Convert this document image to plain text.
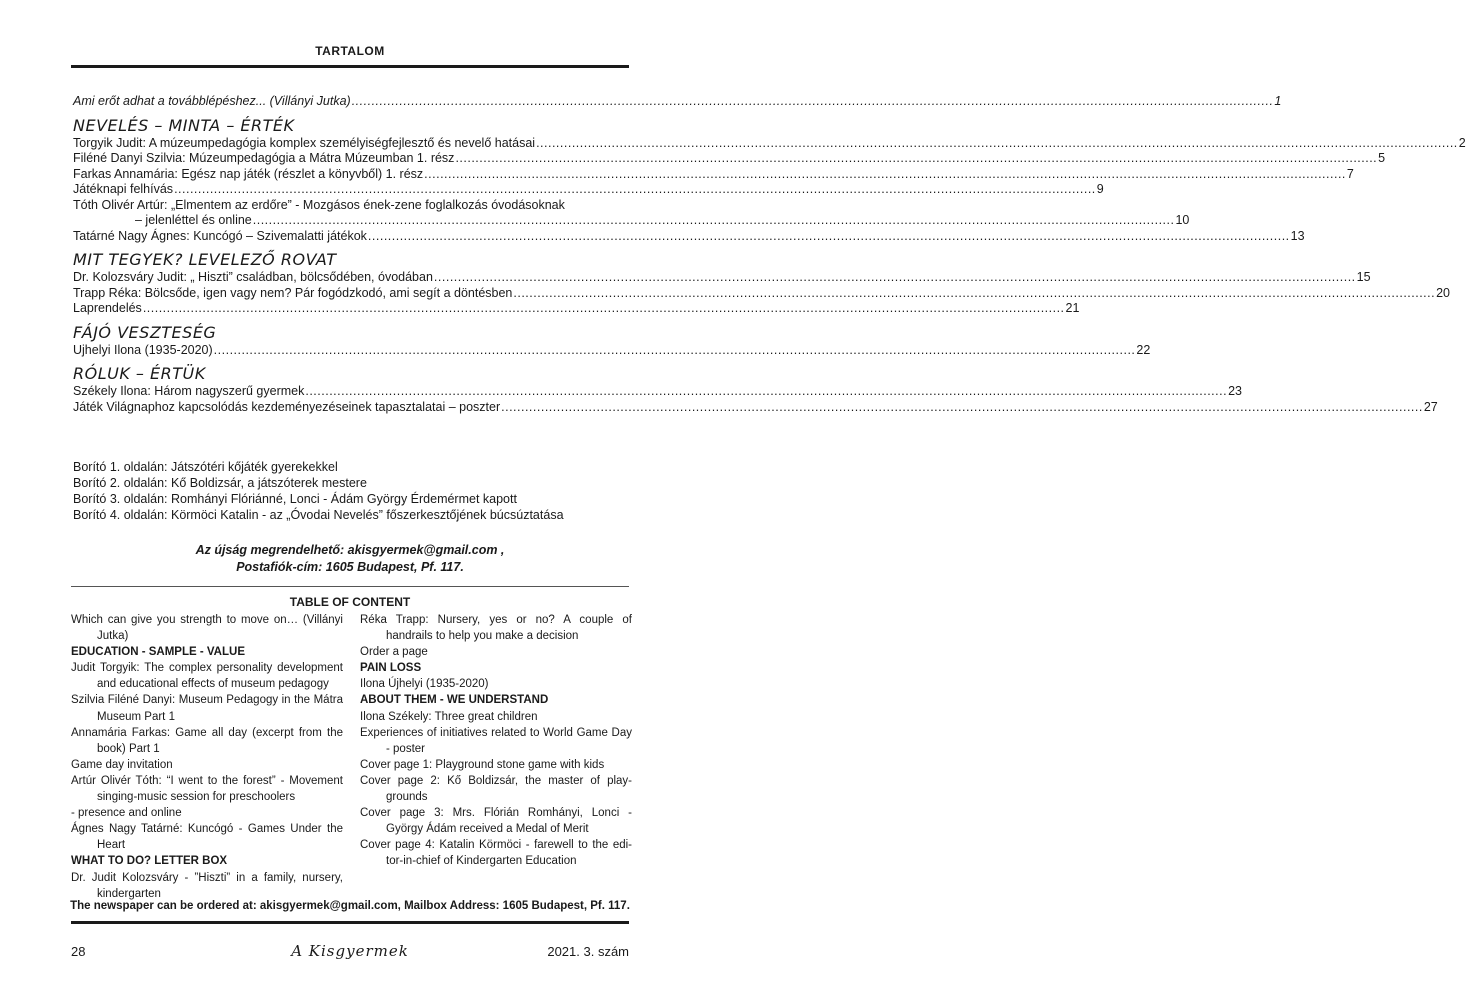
TARTALOM
Ami erőt adhat a továbblépéshez... (Villányi Jutka) .....	1
NEVELÉS – MINTA – ÉRTÉK
Torgyik Judit: A múzeumpedagógia komplex személyiségfejlesztő és nevelő hatásai .....	2
Filéné Danyi Szilvia: Múzeumpedagógia a Mátra Múzeumban 1. rész .....	5
Farkas Annamária: Egész nap játék (részlet a könyvből) 1. rész .....	7
Játéknapi felhívás .....	9
Tóth Olivér Artúr: „Elmentem az erdőre” - Mozgásos ének-zene foglalkozás óvodásoknak
– jelenléttel és online .....	10
Tatárné Nagy Ágnes: Kuncógó – Szivemalatti játékok .....	13
MIT TEGYEK? LEVELEZŐ ROVAT
Dr. Kolozsváry Judit: „ Hiszti” családban, bölcsődében, óvodában .....	15
Trapp Réka: Bölcsőde, igen vagy nem? Pár fogódzkodó, ami segít a döntésben .....	20
Laprendelés .....	21
FÁJÓ VESZTESÉG
Ujhelyi Ilona (1935-2020) .....	22
RÓLUK – ÉRTÜK
Székely Ilona: Három nagyszerű gyermek .....	23
Játék Világnaphoz kapcsolódás kezdeményezéseinek tapasztalatai – poszter .....	27
Borító 1. oldalán: Játszótéri kőjáték gyerekekkel
Borító 2. oldalán: Kő Boldizsár, a játszóterek mestere
Borító 3. oldalán: Romhányi Flóriánné, Lonci - Ádám György Érdemérmet kapott
Borító 4. oldalán: Körmöci Katalin - az „Óvodai Nevelés” főszerkesztőjének búcsúztatása
Az újság megrendelhető: akisgyermek@gmail.com ,
Postafiók-cím: 1605 Budapest, Pf. 117.
TABLE OF CONTENT
Which can give you strength to move on… (Villányi Jutka)
EDUCATION - SAMPLE - VALUE
Judit Torgyik: The complex personality development and educational effects of museum pedagogy
Szilvia Filéné Danyi: Museum Pedagogy in the Mátra Museum Part 1
Annamária Farkas: Game all day (excerpt from the book) Part 1
Game day invitation
Artúr Olivér Tóth: “I went to the forest” - Movement singing-music session for preschoolers
- presence and online
Ágnes Nagy Tatárné: Kuncógó - Games Under the Heart
WHAT TO DO? LETTER BOX
Dr. Judit Kolozsváry - ”Hiszti” in a family, nursery, kindergarten
Réka Trapp: Nursery, yes or no? A couple of handrails to help you make a decision
Order a page
PAIN LOSS
Ilona Újhelyi (1935-2020)
ABOUT THEM - WE UNDERSTAND
Ilona Székely: Three great children
Experiences of initiatives related to World Game Day - poster
Cover page 1: Playground stone game with kids
Cover page 2: Kő Boldizsár, the master of play-grounds
Cover page 3: Mrs. Flórián Romhányi, Lonci - György Ádám received a Medal of Merit
Cover page 4: Katalin Körmöci - farewell to the edi-tor-in-chief of Kindergarten Education
The newspaper can be ordered at: akisgyermek@gmail.com, Mailbox Address: 1605 Budapest, Pf. 117.
28	A Kisgyermek	2021. 3. szám
